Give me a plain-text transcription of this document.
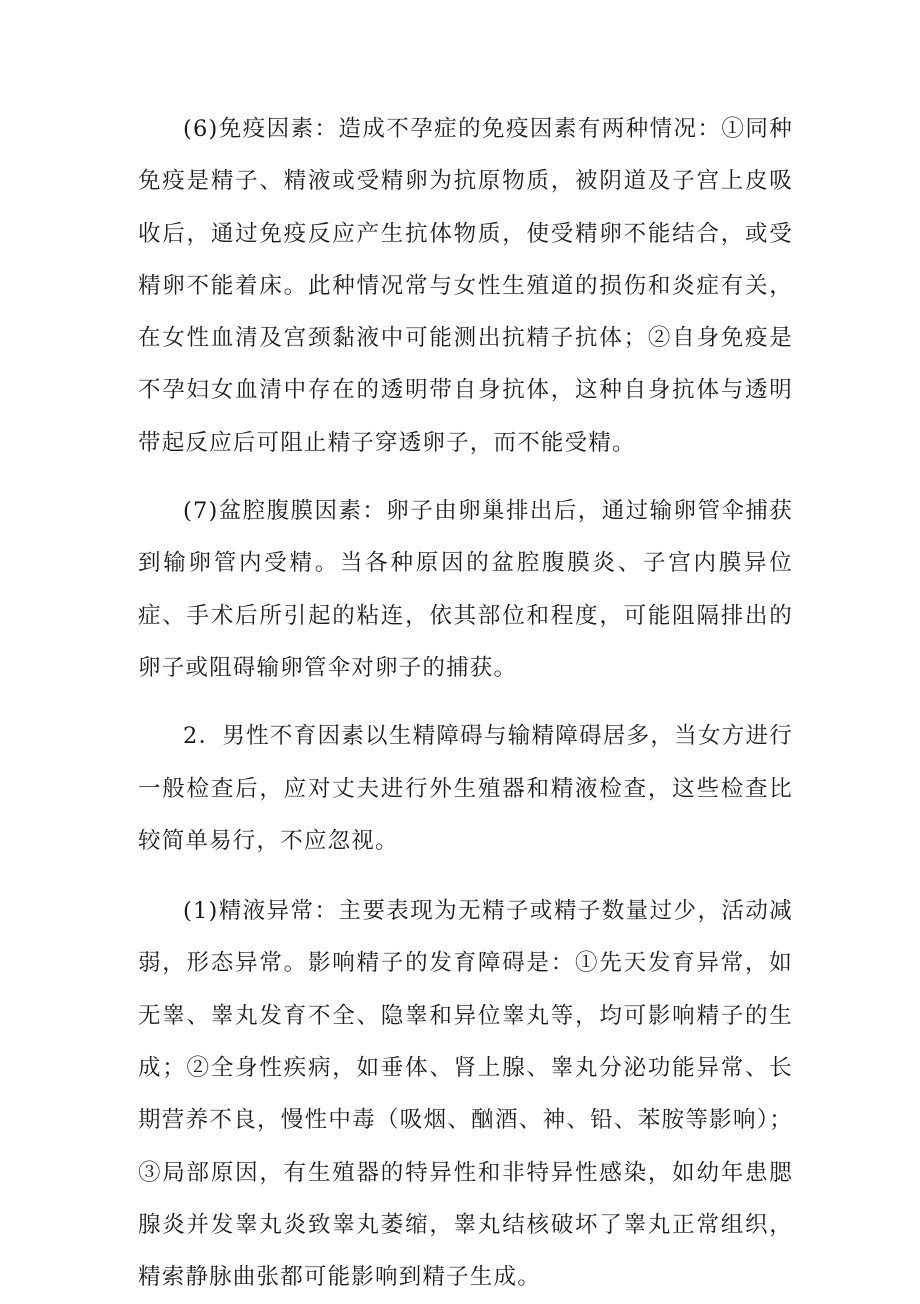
(6)免疫因素：造成不孕症的免疫因素有两种情况：①同种免疫是精子、精液或受精卵为抗原物质，被阴道及子宫上皮吸收后，通过免疫反应产生抗体物质，使受精卵不能结合，或受精卵不能着床。此种情况常与女性生殖道的损伤和炎症有关，在女性血清及宫颈黏液中可能测出抗精子抗体；②自身免疫是不孕妇女血清中存在的透明带自身抗体，这种自身抗体与透明带起反应后可阻止精子穿透卵子，而不能受精。

(7)盆腔腹膜因素：卵子由卵巢排出后，通过输卵管伞捕获到输卵管内受精。当各种原因的盆腔腹膜炎、子宫内膜异位症、手术后所引起的粘连，依其部位和程度，可能阻隔排出的卵子或阻碍输卵管伞对卵子的捕获。

2．男性不育因素以生精障碍与输精障碍居多，当女方进行一般检查后，应对丈夫进行外生殖器和精液检查，这些检查比较简单易行，不应忽视。

(1)精液异常：主要表现为无精子或精子数量过少，活动减弱，形态异常。影响精子的发育障碍是：①先天发育异常，如无睾、睾丸发育不全、隐睾和异位睾丸等，均可影响精子的生成；②全身性疾病，如垂体、肾上腺、睾丸分泌功能异常、长期营养不良，慢性中毒（吸烟、酗酒、神、铅、苯胺等影响）；③局部原因，有生殖器的特异性和非特异性感染，如幼年患腮腺炎并发睾丸炎致睾丸萎缩，睾丸结核破坏了睾丸正常组织，精索静脉曲张都可能影响到精子生成。
